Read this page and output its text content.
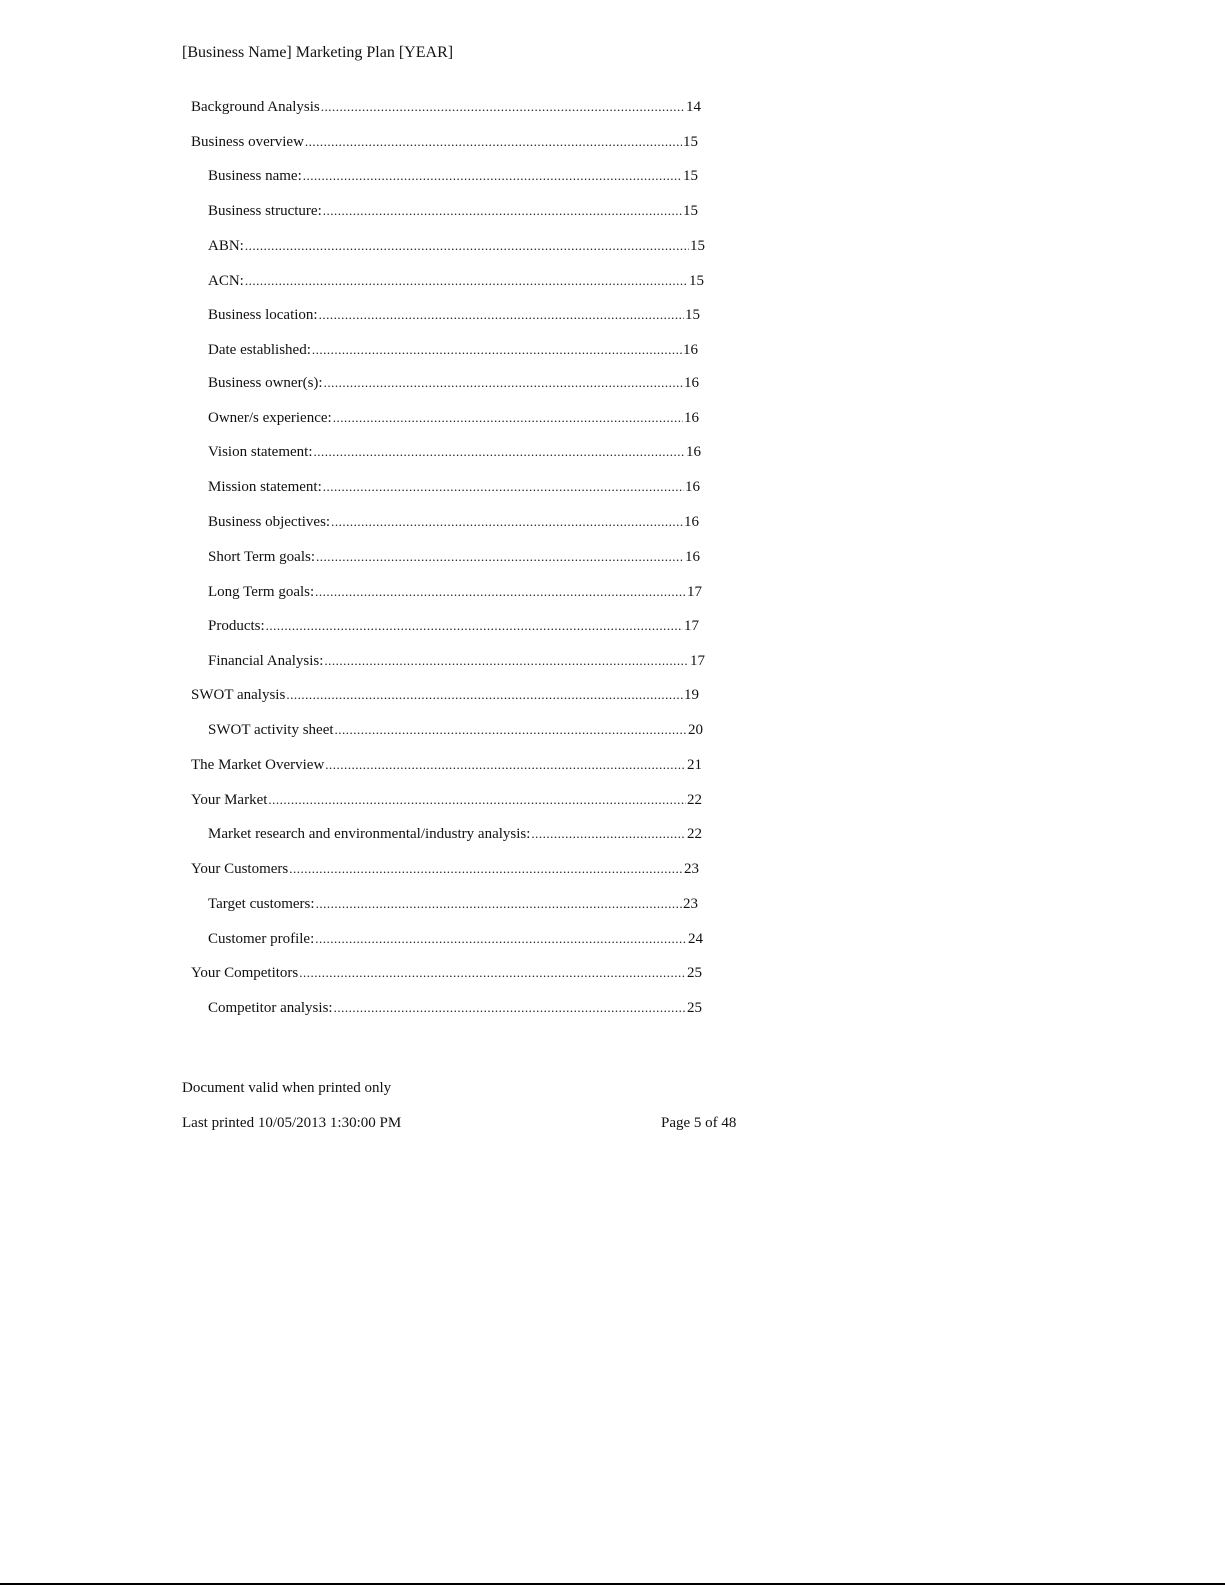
[Business Name] Marketing Plan [YEAR]
Background Analysis .....	14
Business overview .....	15
Business name: .....	15
Business structure: .....	15
ABN: .....	15
ACN: .....	15
Business location: .....	15
Date established: .....	16
Business owner(s): .....	16
Owner/s experience: .....	16
Vision statement: .....	16
Mission statement: .....	16
Business objectives: .....	16
Short Term goals: .....	16
Long Term goals: .....	17
Products: .....	17
Financial Analysis: .....	17
SWOT analysis .....	19
SWOT activity sheet .....	20
The Market Overview .....	21
Your Market .....	22
Market research and environmental/industry analysis: .....	22
Your Customers .....	23
Target customers: .....	23
Customer profile: .....	24
Your Competitors .....	25
Competitor analysis: .....	25
Document valid when printed only
Last printed 10/05/2013 1:30:00 PM	Page 5 of 48
